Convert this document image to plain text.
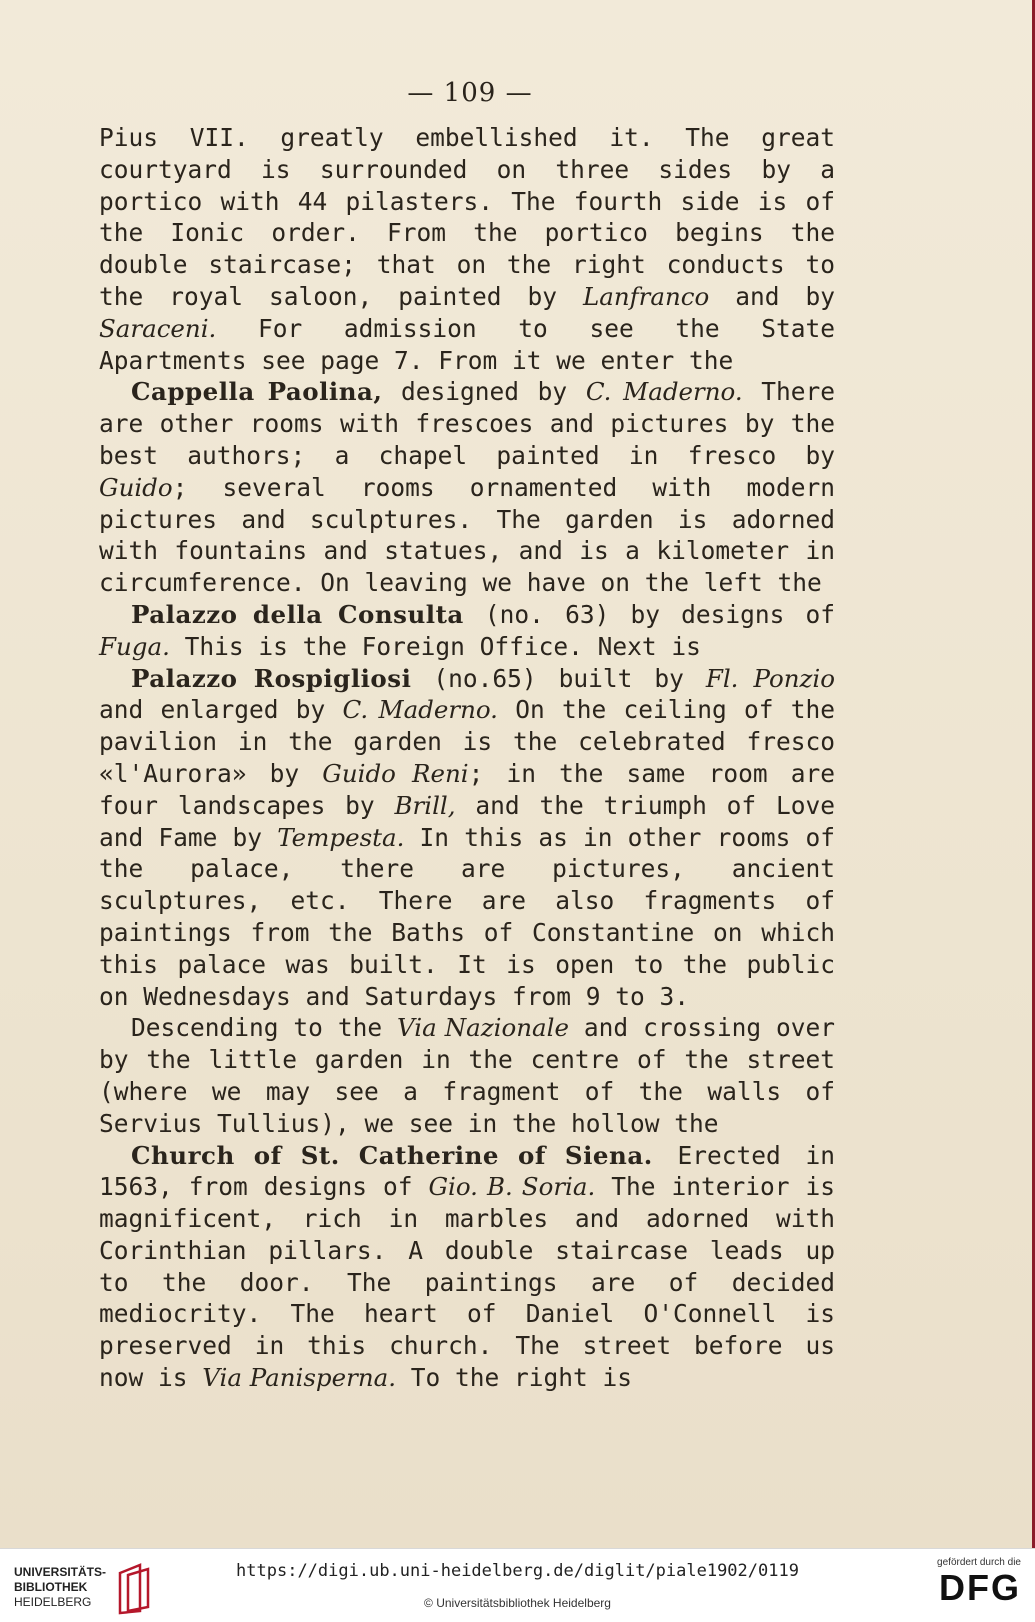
— 109 —

Pius VII. greatly embellished it. The great courtyard is surrounded on three sides by a portico with 44 pilasters. The fourth side is of the Ionic order. From the portico begins the double staircase; that on the right conducts to the royal saloon, painted by Lanfranco and by Saraceni. For admission to see the State Apartments see page 7. From it we enter the

Cappella Paolina, designed by C. Maderno. There are other rooms with frescoes and pictures by the best authors; a chapel painted in fresco by Guido; several rooms ornamented with modern pictures and sculptures. The garden is adorned with fountains and statues, and is a kilometer in circumference. On leaving we have on the left the

Palazzo della Consulta (no. 63) by designs of Fuga. This is the Foreign Office. Next is

Palazzo Rospigliosi (no.65) built by Fl. Ponzio and enlarged by C. Maderno. On the ceiling of the pavilion in the garden is the celebrated fresco «l'Aurora» by Guido Reni; in the same room are four landscapes by Brill, and the triumph of Love and Fame by Tempesta. In this as in other rooms of the palace, there are pictures, ancient sculptures, etc. There are also fragments of paintings from the Baths of Constantine on which this palace was built. It is open to the public on Wednesdays and Saturdays from 9 to 3.

Descending to the Via Nazionale and crossing over by the little garden in the centre of the street (where we may see a fragment of the walls of Servius Tullius), we see in the hollow the

Church of St. Catherine of Siena. Erected in 1563, from designs of Gio. B. Soria. The interior is magnificent, rich in marbles and adorned with Corinthian pillars. A double staircase leads up to the door. The paintings are of decided mediocrity. The heart of Daniel O'Connell is preserved in this church. The street before us now is Via Panisperna. To the right is

UNIVERSITÄTS-
BIBLIOTHEK
HEIDELBERG
https://digi.ub.uni-heidelberg.de/diglit/piale1902/0119
© Universitätsbibliothek Heidelberg
gefördert durch die
DFG
